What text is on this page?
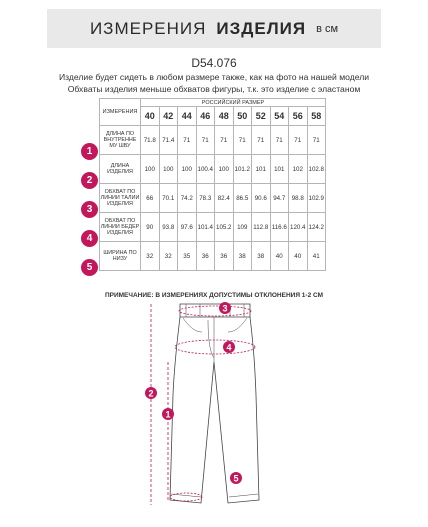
ИЗМЕРЕНИЯ ИЗДЕЛИЯ в см
D54.076
Изделие будет сидеть в любом размере также, как на фото на нашей модели
Обхваты изделия меньше обхватов фигуры, т.к. это изделие с эластаном
ИЗМЕРЕНИЯ	РОССИЙСКИЙ РАЗМЕР									
	40	42	44	46	48	50	52	54	56	58
ДЛИНА ПО ВНУТРЕННЕ МУ ШВУ	71.8	71.4	71	71	71	71	71	71	71	71
ДЛИНА ИЗДЕЛИЯ	100	100	100	100.4	100	101.2	101	101	102	102.8
ОБХВАТ ПО ЛИНИИ ТАЛИИ ИЗДЕЛИЯ	66	70.1	74.2	78.3	82.4	86.5	90.6	94.7	98.8	102.9
ОБХВАТ ПО ЛИНИИ БЕДЕР ИЗДЕЛИЯ	90	93.8	97.6	101.4	105.2	109	112.8	116.6	120.4	124.2
ШИРИНА ПО НИЗУ	32	32	35	36	36	38	38	40	40	41
1
2
3
4
5
ПРИМЕЧАНИЕ: В ИЗМЕРЕНИЯХ ДОПУСТИМЫ ОТКЛОНЕНИЯ 1-2 СМ
3
4
2
1
5
